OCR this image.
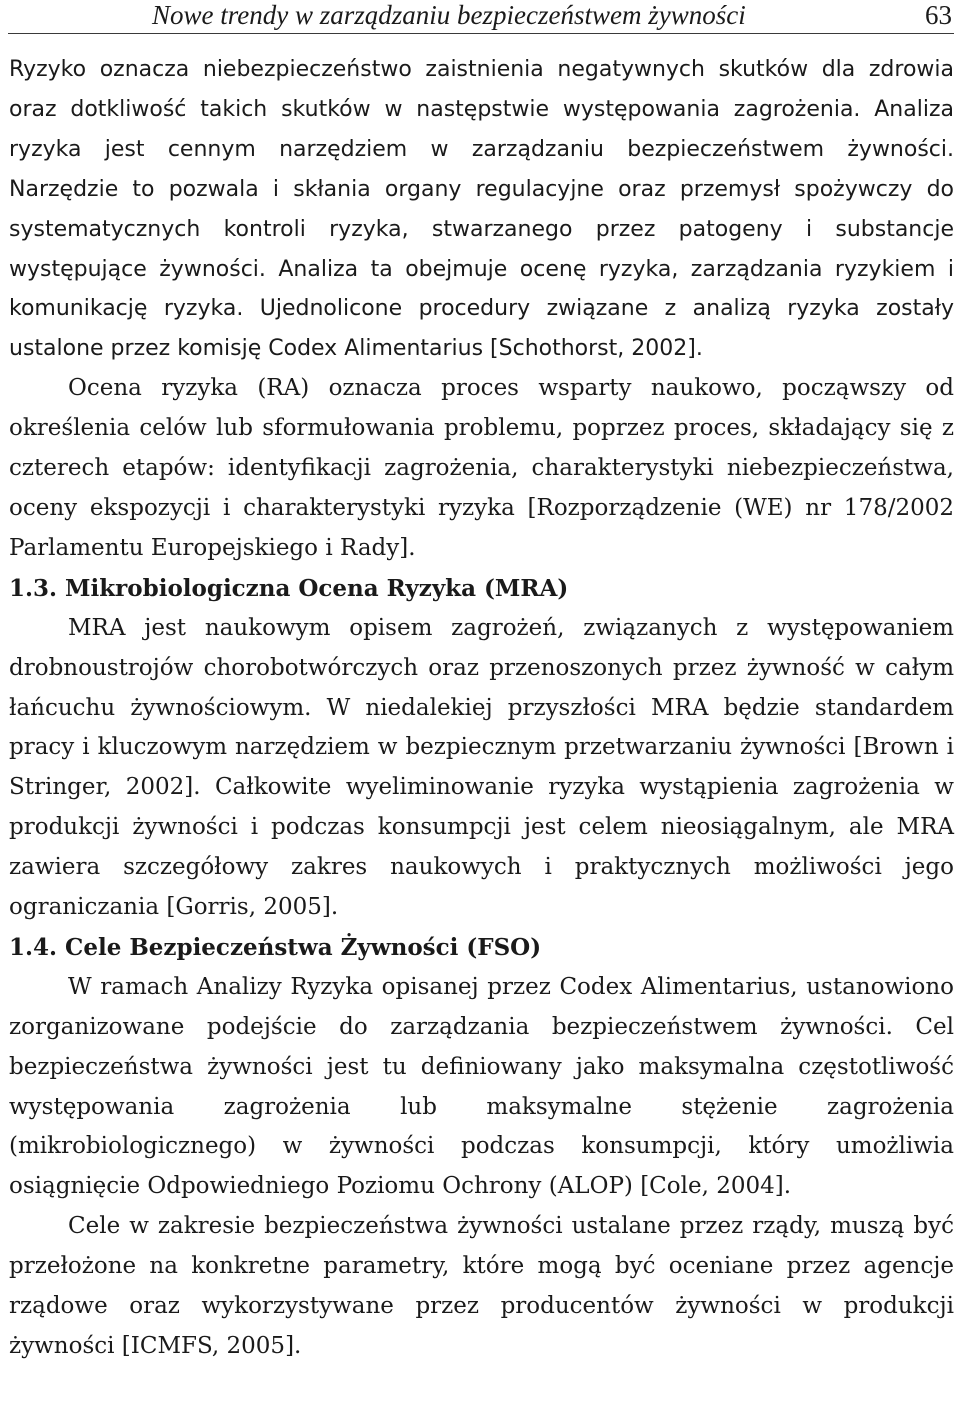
Nowe trendy w zarządzaniu bezpieczeństwem żywności	63

Ryzyko oznacza niebezpieczeństwo zaistnienia negatywnych skutków dla zdrowia oraz dotkliwość takich skutków w następstwie występowania zagrożenia. Analiza ryzyka jest cennym narzędziem w zarządzaniu bezpieczeństwem żywności. Narzędzie to pozwala i skłania organy regulacyjne oraz przemysł spożywczy do systematycznych kontroli ryzyka, stwarzanego przez patogeny i substancje występujące żywności. Analiza ta obejmuje ocenę ryzyka, zarządzania ryzykiem i komunikację ryzyka. Ujednolicone procedury związane z analizą ryzyka zostały ustalone przez komisję Codex Alimentarius [Schothorst, 2002].

Ocena ryzyka (RA) oznacza proces wsparty naukowo, począwszy od określenia celów lub sformułowania problemu, poprzez proces, składający się z czterech etapów: identyfikacji zagrożenia, charakterystyki niebezpieczeństwa, oceny ekspozycji i charakterystyki ryzyka [Rozporządzenie (WE) nr 178/2002 Parlamentu Europejskiego i Rady].

1.3. Mikrobiologiczna Ocena Ryzyka (MRA)

MRA jest naukowym opisem zagrożeń, związanych z występowaniem drobnoustrojów chorobotwórczych oraz przenoszonych przez żywność w całym łańcuchu żywnościowym. W niedalekiej przyszłości MRA będzie standardem pracy i kluczowym narzędziem w bezpiecznym przetwarzaniu żywności [Brown i Stringer, 2002]. Całkowite wyeliminowanie ryzyka wystąpienia zagrożenia w produkcji żywności i podczas konsumpcji jest celem nieosiągalnym, ale MRA zawiera szczegółowy zakres naukowych i praktycznych możliwości jego ograniczania [Gorris, 2005].

1.4. Cele Bezpieczeństwa Żywności (FSO)

W ramach Analizy Ryzyka opisanej przez Codex Alimentarius, ustanowiono zorganizowane podejście do zarządzania bezpieczeństwem żywności. Cel bezpieczeństwa żywności jest tu definiowany jako maksymalna częstotliwość występowania zagrożenia lub maksymalne stężenie zagrożenia (mikrobiologicznego) w żywności podczas konsumpcji, który umożliwia osiągnięcie Odpowiedniego Poziomu Ochrony (ALOP) [Cole, 2004].

Cele w zakresie bezpieczeństwa żywności ustalane przez rządy, muszą być przełożone na konkretne parametry, które mogą być oceniane przez agencje rządowe oraz wykorzystywane przez producentów żywności w produkcji żywności [ICMFS, 2005].
